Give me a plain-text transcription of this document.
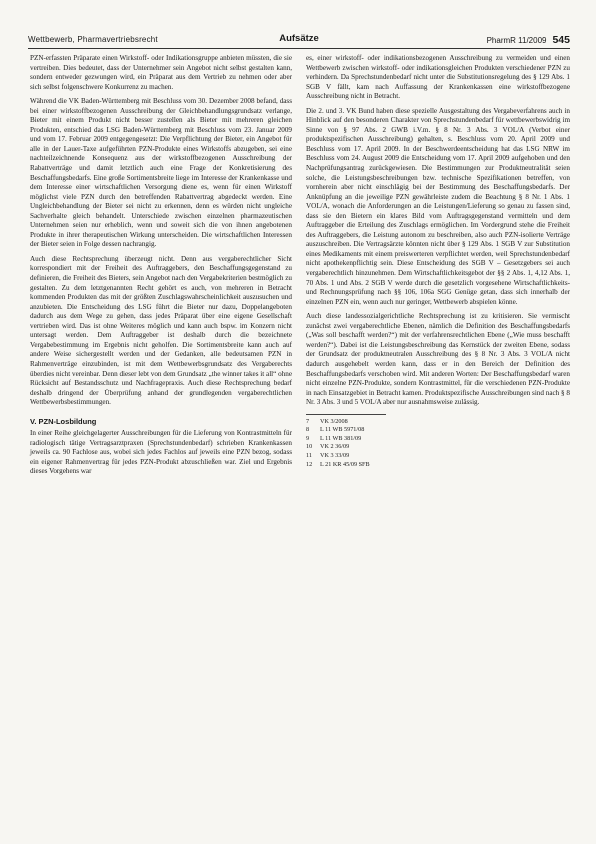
Wettbewerb, Pharmavertriebsrecht	Aufsätze	PharmR 11/2009 545

PZN-erfassten Präparate einen Wirkstoff- oder Indikationsgruppe anbieten müssten, die sie vertreiben. Dies bedeutet, dass der Unternehmer sein Angebot nicht selbst gestalten kann, sondern entweder gezwungen wird, ein Präparat aus dem Vertrieb zu nehmen oder aber sich selbst folgenschwere Konkurrenz zu machen.

Während die VK Baden-Württemberg mit Beschluss vom 30. Dezember 2008 befand, dass bei einer wirkstoffbezogenen Ausschreibung der Gleichbehandlungsgrundsatz verlange, Bieter mit einem Produkt nicht besser zustellen als Bieter mit mehreren gleichen Produkten, entschied das LSG Baden-Württemberg mit Beschluss vom 23. Januar 2009 und vom 17. Februar 2009 entgegengesetzt: Die Verpflichtung der Bieter, ein Angebot für alle in der Lauer-Taxe aufgeführten PZN-Produkte eines Wirkstoffs abzugeben, sei eine nachteilzeichnende Konsequenz aus der wirkstoffbezogenen Ausschreibung der Rabattverträge und damit letztlich auch eine Frage der Konkretisierung des Beschaffungsbedarfs. Eine große Sortimentsbreite liege im Interesse der Krankenkasse und dem Interesse einer wirtschaftlichen Versorgung diene es, wenn für einen Wirkstoff möglichst viele PZN durch den betreffenden Rabattvertrag abgedeckt werden. Eine Ungleichbehandlung der Bieter sei nicht zu erkennen, denn es würden nicht ungleiche Sachverhalte gleich behandelt. Unterschiede zwischen einzelnen pharmazeutischen Unternehmen seien nur erheblich, wenn und soweit sich die von ihnen angebotenen Produkte in ihrer therapeutischen Wirkung unterscheiden. Die wirtschaftlichen Interessen der Bieter seien in Folge dessen nachrangig.

Auch diese Rechtsprechung überzeugt nicht. Denn aus vergaberechtlicher Sicht korrespondiert mit der Freiheit des Auftraggebers, den Beschaffungsgegenstand zu definieren, die Freiheit des Bieters, sein Angebot nach den Vergabekriterien bestmöglich zu gestalten. Zu dem letztgenannten Recht gehört es auch, von mehreren in Betracht kommenden Produkten das mit der größten Zuschlagswahrscheinlichkeit auszusuchen und anzubieten. Die Entscheidung des LSG führt die Bieter nur dazu, Doppelangeboten dadurch aus dem Wege zu gehen, dass jedes Präparat über eine eigene Gesellschaft vertrieben wird. Das ist ohne Weiteres möglich und kann auch bspw. im Konzern nicht untersagt werden. Dem Auftraggeber ist deshalb durch die bezeichnete Vergabebestimmung im Ergebnis nicht geholfen. Die Sortimentsbreite kann auch auf andere Weise sichergestellt werden und der Gedanken, alle bedeutsamen PZN in Rahmenverträge einzubinden, ist mit dem Wettbewerbsgrundsatz des Vergaberechts überdies nicht vereinbar. Denn dieser lebt von dem Grundsatz „the winner takes it all“ ohne Rücksicht auf Bestandsschutz und Nachfragepraxis. Auch diese Rechtsprechung bedarf deshalb dringend der Überprüfung anhand der grundlegenden vergaberechtlichen Wettbewerbsbestimmungen.

V. PZN-Losbildung

In einer Reihe gleichgelagerter Ausschreibungen für die Lieferung von Kontrastmitteln für radiologisch tätige Vertragsarztpraxen (Sprechstundenbedarf) schrieben Krankenkassen jeweils ca. 90 Fachlose aus, wobei sich jedes Fachlos auf jeweils eine PZN bezog, sodass ein eigener Rahmenvertrag für jedes PZN-Produkt abzuschließen war. Ziel und Ergebnis dieses Vorgehens war

es, einer wirkstoff- oder indikationsbezogenen Ausschreibung zu vermeiden und einen Wettbewerb zwischen wirkstoff- oder indikationsgleichen Produkten verschiedener PZN zu verhindern. Da Sprechstundenbedarf nicht unter die Substitutionsregelung des § 129 Abs. 1 SGB V fällt, kam nach Auffassung der Krankenkassen eine wirkstoffbezogene Ausschreibung nicht in Betracht.

Die 2. und 3. VK Bund haben diese spezielle Ausgestaltung des Vergabeverfahrens auch in Hinblick auf den besonderen Charakter von Sprechstundenbedarf für wettbewerbswidrig im Sinne von § 97 Abs. 2 GWB i.V.m. § 8 Nr. 3 Abs. 3 VOL/A (Verbot einer produktspezifischen Ausschreibung) gehalten, s. Beschluss vom 20. April 2009 und Beschluss vom 17. April 2009. In der Beschwerdeentscheidung hat das LSG NRW im Beschluss vom 24. August 2009 die Entscheidung vom 17. April 2009 aufgehoben und den Nachprüfungsantrag zurückgewiesen. Die Bestimmungen zur Produktneutralität seien solche, die Leistungsbeschreibungen bzw. technische Spezifikationen betreffen, von vornherein aber nicht einschlägig bei der Bestimmung des Beschaffungsbedarfs. Der Anknüpfung an die jeweilige PZN gewährleiste zudem die Beachtung § 8 Nr. 1 Abs. 1 VOL/A, wonach die Anforderungen an die Leistungen/Lieferung so genau zu fassen sind, dass sie den Bietern ein klares Bild vom Auftragsgegenstand vermitteln und dem Auftraggeber die Erteilung des Zuschlags ermöglichen. Im Vordergrund stehe die Freiheit des Auftraggebers, die Leistung autonom zu beschreiben, also auch PZN-isolierte Verträge auszuschreiben. Die Vertragsärzte könnten nicht über § 129 Abs. 1 SGB V zur Substitution eines Medikaments mit einem preiswerteren verpflichtet werden, weil Sprechstundenbedarf nicht apothekenpflichtig sein. Diese Entscheidung des SGB V – Gesetzgebers sei auch vergaberechtlich hinzunehmen. Dem Wirtschaftlichkeitsgebot der §§ 2 Abs. 1, 4,12 Abs. 1, 70 Abs. 1 und Abs. 2 SGB V werde durch die gesetzlich vorgesehene Wirtschaftlichkeits- und Rechnungsprüfung nach §§ 106, 106a SGG Genüge getan, dass sich innerhalb der einzelnen PZN ein, wenn auch nur geringer, Wettbewerb abspielen könne.

Auch diese landessozialgerichtliche Rechtsprechung ist zu kritisieren. Sie vermischt zunächst zwei vergaberechtliche Ebenen, nämlich die Definition des Beschaffungsbedarfs („Was soll beschafft werden?“) mit der verfahrensrechtlichen Ebene („Wie muss beschafft werden?“). Dabei ist die Leistungsbeschreibung das Kernstück der zweiten Ebene, sodass der Grundsatz der produktneutralen Ausschreibung des § 8 Nr. 3 Abs. 3 VOL/A nicht dadurch ausgehebelt werden kann, dass er in den Bereich der Definition des Beschaffungsbedarfs verschoben wird. Mit anderen Worten: Der Beschaffungsbedarf waren nicht einzelne PZN-Produkte, sondern Kontrastmittel, für die verschiedenen PZN-Produkte in nach Einsatzgebiet in Betracht kamen. Produktspezifische Ausschreibungen sind nach § 8 Nr. 3 Abs. 3 und 5 VOL/A aber nur ausnahmsweise zulässig.

7	VK 3/2008
8	L 11 WB 5971/08
9	L 11 WB 381/09
10	VK 2 36/09
11	VK 3 33/09
12	L 21 KR 45/09 SFB
